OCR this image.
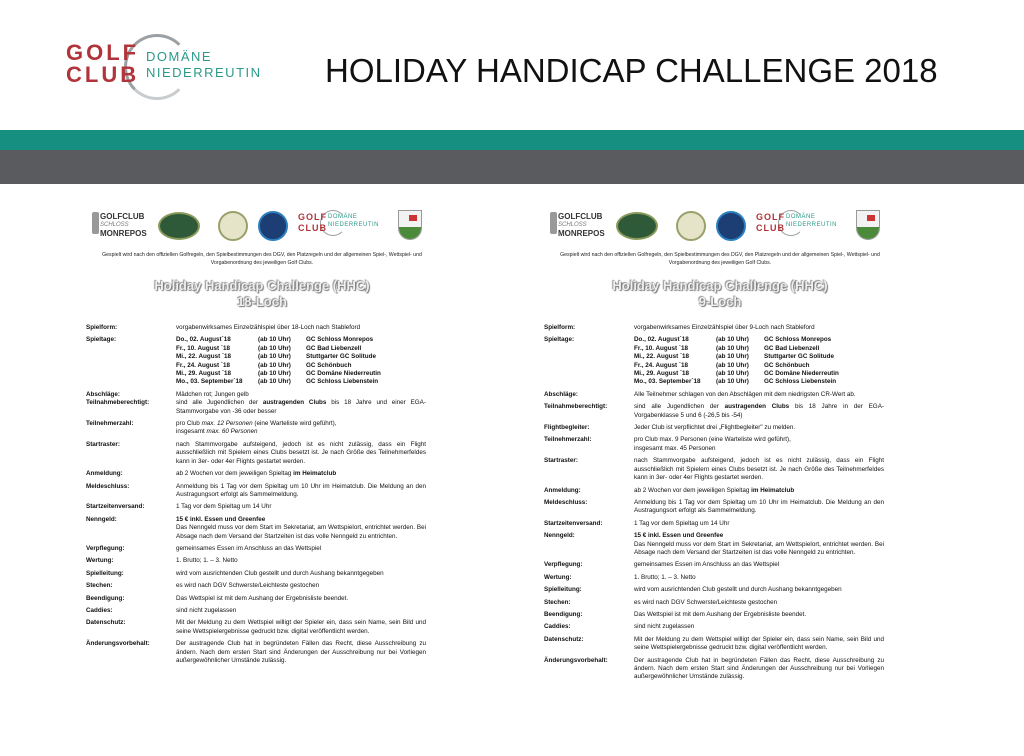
GOLF
CLUB
DOMÄNE
NIEDERREUTIN HOLIDAY HANDICAP CHALLENGE 2018
GOLFCLUB
SCHLOSS
MONREPOS
GOLF
CLUB
DOMÄNE
NIEDERREUTIN
Gespielt wird nach den offiziellen Golfregeln, den Spielbestimmungen des DGV, den Platzregeln und der allgemeinen Spiel-, Wettspiel- und Vorgabenordnung des jeweiligen Golf Clubs.
Holiday Handicap Challenge (HHC)
18-Loch
Spielform:	vorgabenwirksames Einzelzählspiel über 18-Loch nach Stableford
Spieltage:	Do., 02. August´18	(ab 10 Uhr)	GC Schloss Monrepos
Fr., 10. August ´18	(ab 10 Uhr)	GC Bad Liebenzell
Mi., 22. August ´18	(ab 10 Uhr)	Stuttgarter GC Solitude
Fr., 24. August ´18	(ab 10 Uhr)	GC Schönbuch
Mi., 29. August ´18	(ab 10 Uhr)	GC Domäne Niederreutin
Mo., 03. September´18	(ab 10 Uhr)	GC Schloss Liebenstein
Abschläge:	Mädchen rot; Jungen gelb
Teilnahmeberechtigt:	sind alle Jugendlichen der austragenden Clubs bis 18 Jahre und einer EGA-Stammvorgabe von -36 oder besser
Teilnehmerzahl:	pro Club max. 12 Personen (eine Warteliste wird geführt),
insgesamt max. 60 Personen
Startraster:	nach Stammvorgabe aufsteigend, jedoch ist es nicht zulässig, dass ein Flight ausschließlich mit Spielern eines Clubs besetzt ist. Je nach Größe des Teilnehmerfeldes kann in 3er- oder 4er Flights gestartet werden.
Anmeldung:	ab 2 Wochen vor dem jeweiligen Spieltag im Heimatclub
Meldeschluss:	Anmeldung bis 1 Tag vor dem Spieltag um 10 Uhr im Heimatclub. Die Meldung an den Austragungsort erfolgt als Sammelmeldung.
Startzeitenversand:	1 Tag vor dem Spieltag um 14 Uhr
Nenngeld:	15 € inkl. Essen und Greenfee
Das Nenngeld muss vor dem Start im Sekretariat, am Wettspielort, entrichtet werden. Bei Absage nach dem Versand der Startzeiten ist das volle Nenngeld zu entrichten.
Verpflegung:	gemeinsames Essen im Anschluss an das Wettspiel
Wertung:	1. Brutto; 1. – 3. Netto
Spielleitung:	wird vom ausrichtenden Club gestellt und durch Aushang bekanntgegeben
Stechen:	es wird nach DGV Schwerste/Leichteste gestochen
Beendigung:	Das Wettspiel ist mit dem Aushang der Ergebnisliste beendet.
Caddies:	sind nicht zugelassen
Datenschutz:	Mit der Meldung zu dem Wettspiel willigt der Spieler ein, dass sein Name, sein Bild und seine Wettspielergebnisse gedruckt bzw. digital veröffentlicht werden.
Änderungsvorbehalt:	Der austragende Club hat in begründeten Fällen das Recht, diese Ausschreibung zu ändern. Nach dem ersten Start sind Änderungen der Ausschreibung nur bei Vorliegen außergewöhnlicher Umstände zulässig.
GOLFCLUB
SCHLOSS
MONREPOS
GOLF
CLUB
DOMÄNE
NIEDERREUTIN
Gespielt wird nach den offiziellen Golfregeln, den Spielbestimmungen des DGV, den Platzregeln und der allgemeinen Spiel-, Wettspiel- und Vorgabenordnung des jeweiligen Golf Clubs.
Holiday Handicap Challenge (HHC)
9-Loch
Spielform:	vorgabenwirksames Einzelzählspiel über 9-Loch nach Stableford
Spieltage:	Do., 02. August´18	(ab 10 Uhr)	GC Schloss Monrepos
Fr., 10. August ´18	(ab 10 Uhr)	GC Bad Liebenzell
Mi., 22. August ´18	(ab 10 Uhr)	Stuttgarter GC Solitude
Fr., 24. August ´18	(ab 10 Uhr)	GC Schönbuch
Mi., 29. August ´18	(ab 10 Uhr)	GC Domäne Niederreutin
Mo., 03. September´18	(ab 10 Uhr)	GC Schloss Liebenstein
Abschläge:	Alle Teilnehmer schlagen von den Abschlägen mit dem niedrigsten CR-Wert ab.
Teilnahmeberechtigt:	sind alle Jugendlichen der austragenden Clubs bis 18 Jahre in der EGA-Vorgabenklasse 5 und 6 (-26,5 bis -54)
Flightbegleiter:	Jeder Club ist verpflichtet drei „Flightbegleiter" zu melden.
Teilnehmerzahl:	pro Club max. 9 Personen (eine Warteliste wird geführt),
insgesamt max. 45 Personen
Startraster:	nach Stammvorgabe aufsteigend, jedoch ist es nicht zulässig, dass ein Flight ausschließlich mit Spielern eines Clubs besetzt ist. Je nach Größe des Teilnehmerfeldes kann in 3er- oder 4er Flights gestartet werden.
Anmeldung:	ab 2 Wochen vor dem jeweiligen Spieltag im Heimatclub
Meldeschluss:	Anmeldung bis 1 Tag vor dem Spieltag um 10 Uhr im Heimatclub. Die Meldung an den Austragungsort erfolgt als Sammelmeldung.
Startzeitenversand:	1 Tag vor dem Spieltag um 14 Uhr
Nenngeld:	15 € inkl. Essen und Greenfee
Das Nenngeld muss vor dem Start im Sekretariat, am Wettspielort, entrichtet werden. Bei Absage nach dem Versand der Startzeiten ist das volle Nenngeld zu entrichten.
Verpflegung:	gemeinsames Essen im Anschluss an das Wettspiel
Wertung:	1. Brutto; 1. – 3. Netto
Spielleitung:	wird vom ausrichtenden Club gestellt und durch Aushang bekanntgegeben
Stechen:	es wird nach DGV Schwerste/Leichteste gestochen
Beendigung:	Das Wettspiel ist mit dem Aushang der Ergebnisliste beendet.
Caddies:	sind nicht zugelassen
Datenschutz:	Mit der Meldung zu dem Wettspiel willigt der Spieler ein, dass sein Name, sein Bild und seine Wettspielergebnisse gedruckt bzw. digital veröffentlicht werden.
Änderungsvorbehalt:	Der austragende Club hat in begründeten Fällen das Recht, diese Ausschreibung zu ändern. Nach dem ersten Start sind Änderungen der Ausschreibung nur bei Vorliegen außergewöhnlicher Umstände zulässig.
